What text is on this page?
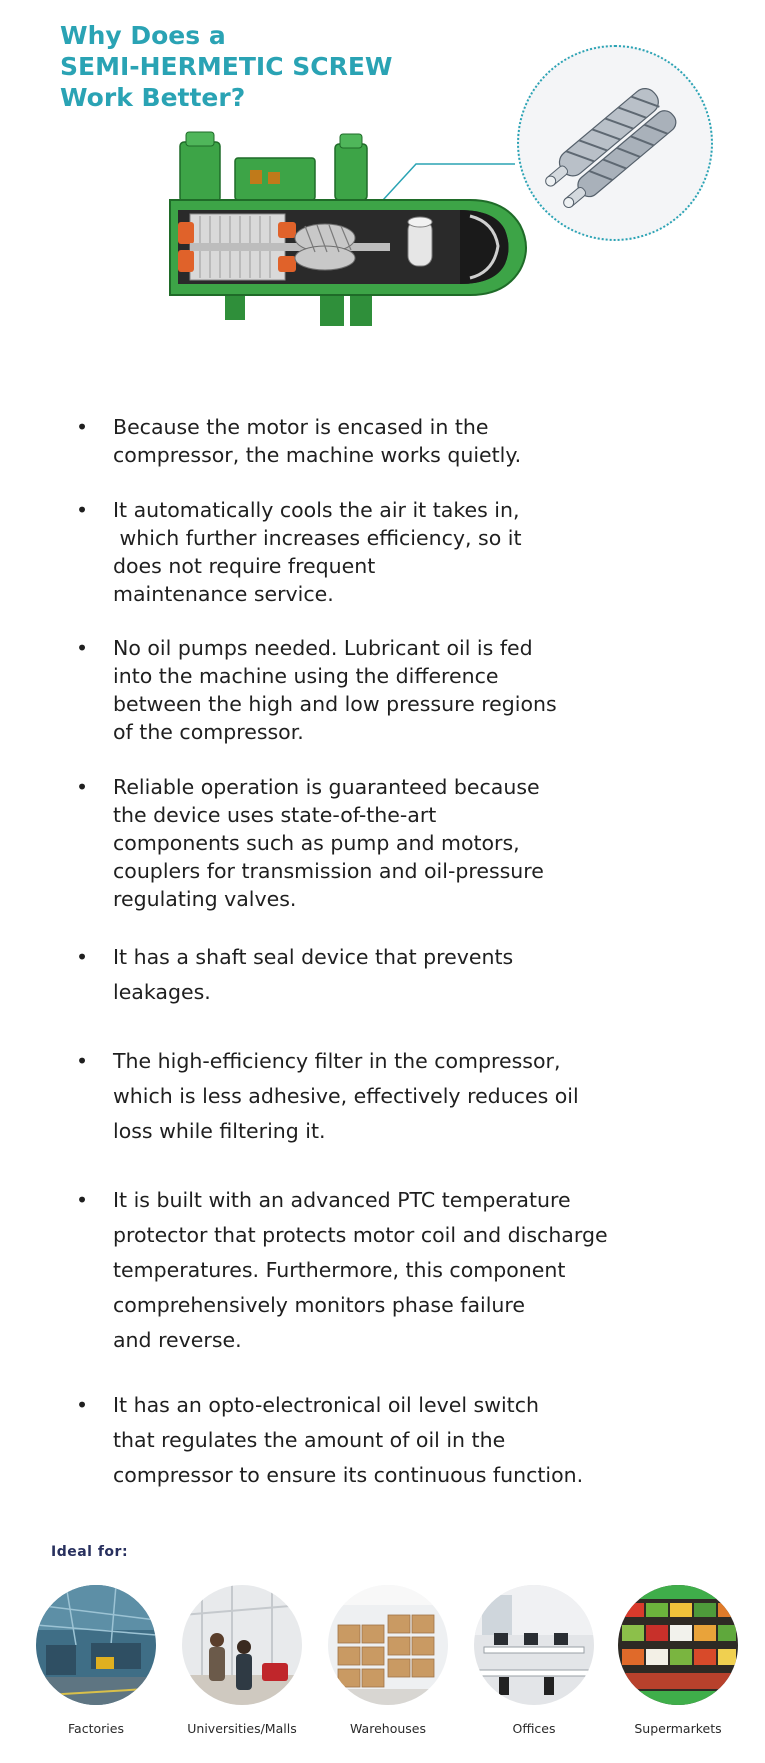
Why Does a
SEMI-HERMETIC SCREW
Work Better?
•	Because the motor is encased in the
compressor, the machine works quietly.
•	It automatically cools the air it takes in,
which further increases efficiency, so it
does not require frequent
maintenance service.
•	No oil pumps needed. Lubricant oil is fed
into the machine using the difference
between the high and low pressure regions
of the compressor.
•	Reliable operation is guaranteed because
the device uses state-of-the-art
components such as pump and motors,
couplers for transmission and oil-pressure
regulating valves.
•	It has a shaft seal device that prevents
leakages.
•	The high-efficiency filter in the compressor,
which is less adhesive, effectively reduces oil
loss while filtering it.
•	It is built with an advanced PTC temperature
protector that protects motor coil and discharge
temperatures. Furthermore, this component
comprehensively monitors phase failure
and reverse.
•	It has an opto-electronical oil level switch
that regulates the amount of oil in the
compressor to ensure its continuous function.
Ideal for:
Factories	Universities/Malls	Warehouses	Offices	Supermarkets
